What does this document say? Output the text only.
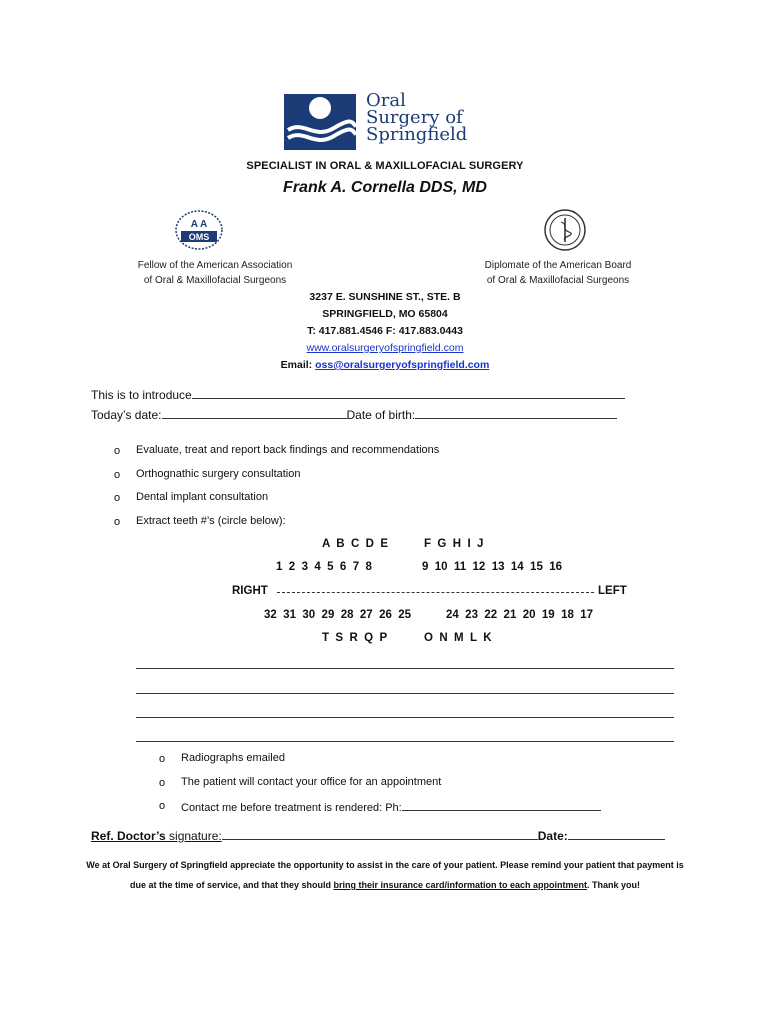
Oral
Surgery of
Springfield
SPECIALIST IN ORAL & MAXILLOFACIAL SURGERY
Frank A. Cornella DDS, MD
A A
OMS
Fellow of the American Association
of Oral & Maxillofacial Surgeons
Diplomate of the American Board
of Oral & Maxillofacial Surgeons
3237 E. SUNSHINE ST., STE. B
SPRINGFIELD, MO 65804
T: 417.881.4546 F: 417.883.0443
www.oralsurgeryofspringfield.com
Email: oss@oralsurgeryofspringfield.com
This is to introduce
Today’s date:	Date of birth:
o Evaluate, treat and report back findings and recommendations
o Orthognathic surgery consultation
o Dental implant consultation
o Extract teeth #’s (circle below):
A  B  C  D  E	F  G  H  I  J
1  2  3  4  5  6  7  8	9  10  11  12  13  14  15  16
RIGHT	LEFT
32  31  30  29  28  27  26  25	24  23  22  21  20  19  18  17
T  S  R  Q  P	O  N  M  L  K
o Radiographs emailed
o The patient will contact your office for an appointment
o Contact me before treatment is rendered: Ph:
Ref. Doctor’s signature:	Date:
We at Oral Surgery of Springfield appreciate the opportunity to assist in the care of your patient. Please remind your patient that payment is
due at the time of service, and that they should bring their insurance card/information to each appointment. Thank you!
